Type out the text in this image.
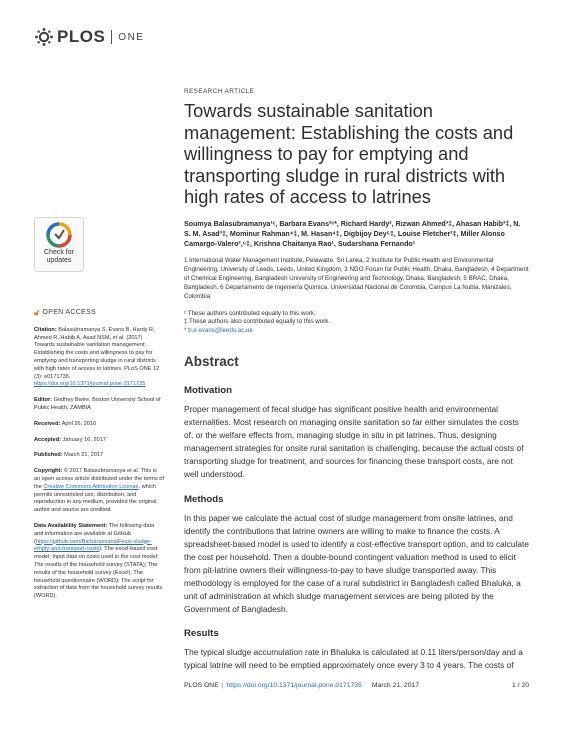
PLOS ONE
Check for
updates
🔓︎ OPEN ACCESS

Citation: Balasubramanya S, Evans B, Hardy R, Ahmed R, Habib A, Asad NSM, et al. (2017) Towards sustainable sanitation management: Establishing the costs and willingness to pay for emptying and transporting sludge in rural districts with high rates of access to latrines. PLoS ONE 12 (3): e0171735. https://doi.org/10.1371/journal.pone.0171735

Editor: Godfrey Bwire, Boston University School of Public Health, ZAMBIA

Received: April 26, 2016

Accepted: January 16, 2017

Published: March 21, 2017

Copyright: © 2017 Balasubramanya et al. This is an open access article distributed under the terms of the Creative Commons Attribution License, which permits unrestricted use, distribution, and reproduction in any medium, provided the original author and source are credited.

Data Availability Statement: The following data and information are available at GitHub (https://github.com/Barbaraevans/Fecal-sludge-empty-and-transport-costs): The excel-based cost model; Input data on costs used in the cost model; The results of the household survey (STATA); The results of the household survey (Excel); The household questionnaire (WORD); The script for extraction of data from the household survey results (WORD).

RESEARCH ARTICLE
Towards sustainable sanitation management: Establishing the costs and willingness to pay for emptying and transporting sludge in rural districts with high rates of access to latrines
Soumya Balasubramanya¹ᶜ, Barbara Evans²ᶜ*, Richard Hardy², Rizwan Ahmed³‡, Ahasan Habib³‡, N. S. M. Asad³‡, Mominur Rahman⁴‡, M. Hasan⁴‡, Digbijoy Dey⁵‡, Louise Fletcher²‡, Miller Alonso Camargo-Valero²,⁶‡, Krishna Chaitanya Rao¹, Sudarshana Fernando¹
1 International Water Management Institute, Pelawatte, Sri Lanka, 2 Institute for Public Health and Environmental Engineering, University of Leeds, Leeds, United Kingdom, 3 NGO Forum for Public Health, Dhaka, Bangladesh, 4 Department of Chemical Engineering, Bangladesh University of Engineering and Technology, Dhaka, Bangladesh, 5 BRAC, Dhaka, Bangladesh, 6 Departamento de Ingeniería Química, Universidad Nacional de Colombia, Campus La Nubia, Manizales, Colombia
ᶜ These authors contributed equally to this work.
‡ These authors also contributed equally to this work.
* b.e.evans@leeds.ac.uk
Abstract
Motivation

Proper management of fecal sludge has significant positive health and environmental externalities. Most research on managing onsite sanitation so far either simulates the costs of, or the welfare effects from, managing sludge in situ in pit latrines. Thus, designing management strategies for onsite rural sanitation is challenging, because the actual costs of transporting sludge for treatment, and sources for financing these transport costs, are not well understood.

Methods

In this paper we calculate the actual cost of sludge management from onsite latrines, and identify the contributions that latrine owners are willing to make to finance the costs. A spreadsheet-based model is used to identify a cost-effective transport option, and to calculate the cost per household. Then a double-bound contingent valuation method is used to elicit from pit-latrine owners their willingness-to-pay to have sludge transported away. This methodology is employed for the case of a rural subdistrict in Bangladesh called Bhaluka, a unit of administration at which sludge management services are being piloted by the Government of Bangladesh.

Results

The typical sludge accumulation rate in Bhaluka is calculated at 0.11 liters/person/day and a typical latrine will need to be emptied approximately once every 3 to 4 years. The costs of

PLOS ONE | https://doi.org/10.1371/journal.pone.0171735 March 21, 2017	1 / 20
